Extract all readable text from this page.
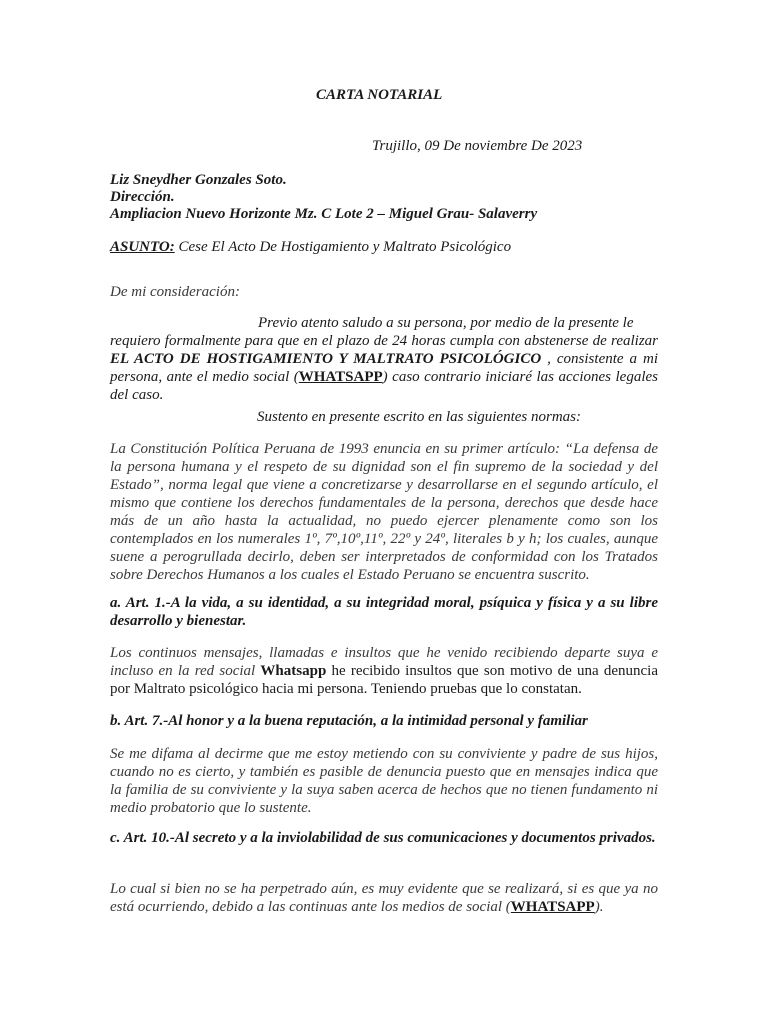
CARTA NOTARIAL
Trujillo, 09 De noviembre De 2023
Liz Sneydher Gonzales Soto.
Dirección.
Ampliacion Nuevo Horizonte Mz. C Lote 2 – Miguel Grau- Salaverry
ASUNTO: Cese El Acto De Hostigamiento y Maltrato Psicológico
De mi consideración:
Previo atento saludo a su persona, por medio de la presente le
requiero formalmente para que en el plazo de 24 horas cumpla con abstenerse de realizar EL ACTO DE HOSTIGAMIENTO Y MALTRATO PSICOLÓGICO , consistente a mi persona, ante el medio social (WHATSAPP) caso contrario iniciaré las acciones legales del caso.
Sustento en presente escrito en las siguientes normas:
La Constitución Política Peruana de 1993 enuncia en su primer artículo: “La defensa de la persona humana y el respeto de su dignidad son el fin supremo de la sociedad y del Estado”, norma legal que viene a concretizarse y desarrollarse en el segundo artículo, el mismo que contiene los derechos fundamentales de la persona, derechos que desde hace más de un año hasta la actualidad, no puedo ejercer plenamente como son los contemplados en los numerales 1º, 7º,10º,11º, 22º y 24º, literales b y h; los cuales, aunque suene a perogrullada decirlo, deben ser interpretados de conformidad con los Tratados sobre Derechos Humanos a los cuales el Estado Peruano se encuentra suscrito.
a. Art. 1.-A la vida, a su identidad, a su integridad moral, psíquica y física y a su libre desarrollo y bienestar.
Los continuos mensajes, llamadas e insultos que he venido recibiendo departe suya e incluso en la red social Whatsapp he recibido insultos que son motivo de una denuncia por Maltrato psicológico hacia mi persona. Teniendo pruebas que lo constatan.
b. Art. 7.-Al honor y a la buena reputación, a la intimidad personal y familiar
Se me difama al decirme que me estoy metiendo con su conviviente y padre de sus hijos, cuando no es cierto, y también es pasible de denuncia puesto que en mensajes indica que la familia de su conviviente y la suya saben acerca de hechos que no tienen fundamento ni medio probatorio que lo sustente.
c. Art. 10.-Al secreto y a la inviolabilidad de sus comunicaciones y documentos privados.
Lo cual si bien no se ha perpetrado aún, es muy evidente que se realizará, si es que ya no está ocurriendo, debido a las continuas ante los medios de social (WHATSAPP).
